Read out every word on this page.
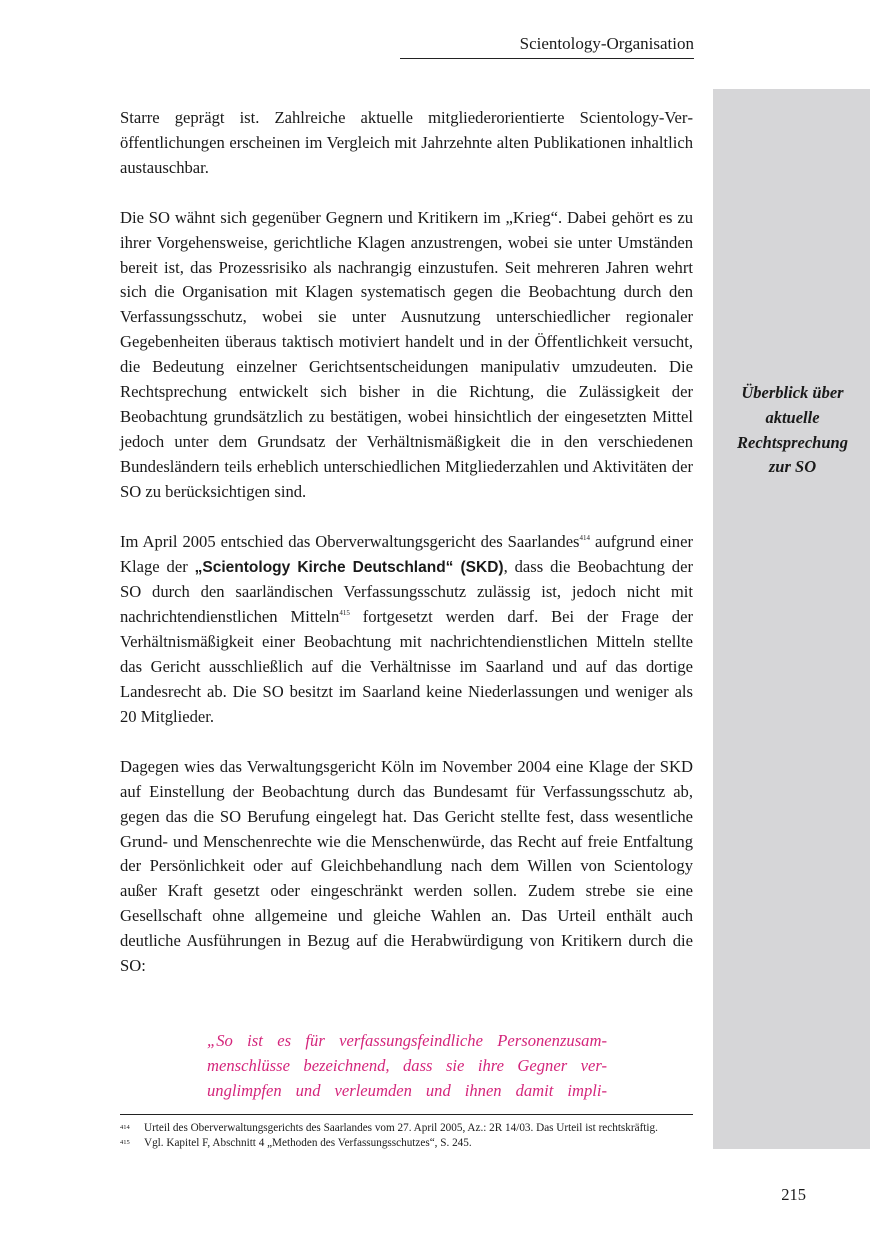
Scientology-Organisation
Überblick über
aktuelle
Rechtsprechung
zur SO

Starre geprägt ist. Zahlreiche aktuelle mitgliederorientierte Scientology-Veröffentlichungen erscheinen im Vergleich mit Jahrzehnte alten Publikationen inhaltlich austauschbar.

Die SO wähnt sich gegenüber Gegnern und Kritikern im „Krieg“. Dabei gehört es zu ihrer Vorgehensweise, gerichtliche Klagen anzustrengen, wobei sie unter Umständen bereit ist, das Prozessrisiko als nachrangig einzustufen. Seit mehreren Jahren wehrt sich die Organisation mit Klagen systematisch gegen die Beobachtung durch den Verfassungsschutz, wobei sie unter Ausnutzung unterschiedlicher regionaler Gegebenheiten überaus taktisch motiviert handelt und in der Öffentlichkeit versucht, die Bedeutung einzelner Gerichtsentscheidungen manipulativ umzudeuten. Die Rechtsprechung entwickelt sich bisher in die Richtung, die Zulässigkeit der Beobachtung grundsätzlich zu bestätigen, wobei hinsichtlich der eingesetzten Mittel jedoch unter dem Grundsatz der Verhältnismäßigkeit die in den verschiedenen Bundesländern teils erheblich unterschiedlichen Mitgliederzahlen und Aktivitäten der SO zu berücksichtigen sind.

Im April 2005 entschied das Oberverwaltungsgericht des Saarlandes$^{414}$ aufgrund einer Klage der „Scientology Kirche Deutschland“ (SKD), dass die Beobachtung der SO durch den saarländischen Verfassungsschutz zulässig ist, jedoch nicht mit nachrichtendienstlichen Mitteln$^{415}$ fortgesetzt werden darf. Bei der Frage der Verhältnismäßigkeit einer Beobachtung mit nachrichtendienstlichen Mitteln stellte das Gericht ausschließlich auf die Verhältnisse im Saarland und auf das dortige Landesrecht ab. Die SO besitzt im Saarland keine Niederlassungen und weniger als 20 Mitglieder.

Dagegen wies das Verwaltungsgericht Köln im November 2004 eine Klage der SKD auf Einstellung der Beobachtung durch das Bundesamt für Verfassungsschutz ab, gegen das die SO Berufung eingelegt hat. Das Gericht stellte fest, dass wesentliche Grund- und Menschenrechte wie die Menschenwürde, das Recht auf freie Entfaltung der Persönlichkeit oder auf Gleichbehandlung nach dem Willen von Scientology außer Kraft gesetzt oder eingeschränkt werden sollen. Zudem strebe sie eine Gesellschaft ohne allgemeine und gleiche Wahlen an. Das Urteil enthält auch deutliche Ausführungen in Bezug auf die Herabwürdigung von Kritikern durch die SO:

„So ist es für verfassungsfeindliche Personenzusam-
menschlüsse bezeichnend, dass sie ihre Gegner ver-
unglimpfen und verleumden und ihnen damit impli-
414 Urteil des Oberverwaltungsgerichts des Saarlandes vom 27. April 2005, Az.: 2R 14/03. Das Urteil ist rechtskräftig.
415 Vgl. Kapitel F, Abschnitt 4 „Methoden des Verfassungsschutzes“, S. 245.
215
